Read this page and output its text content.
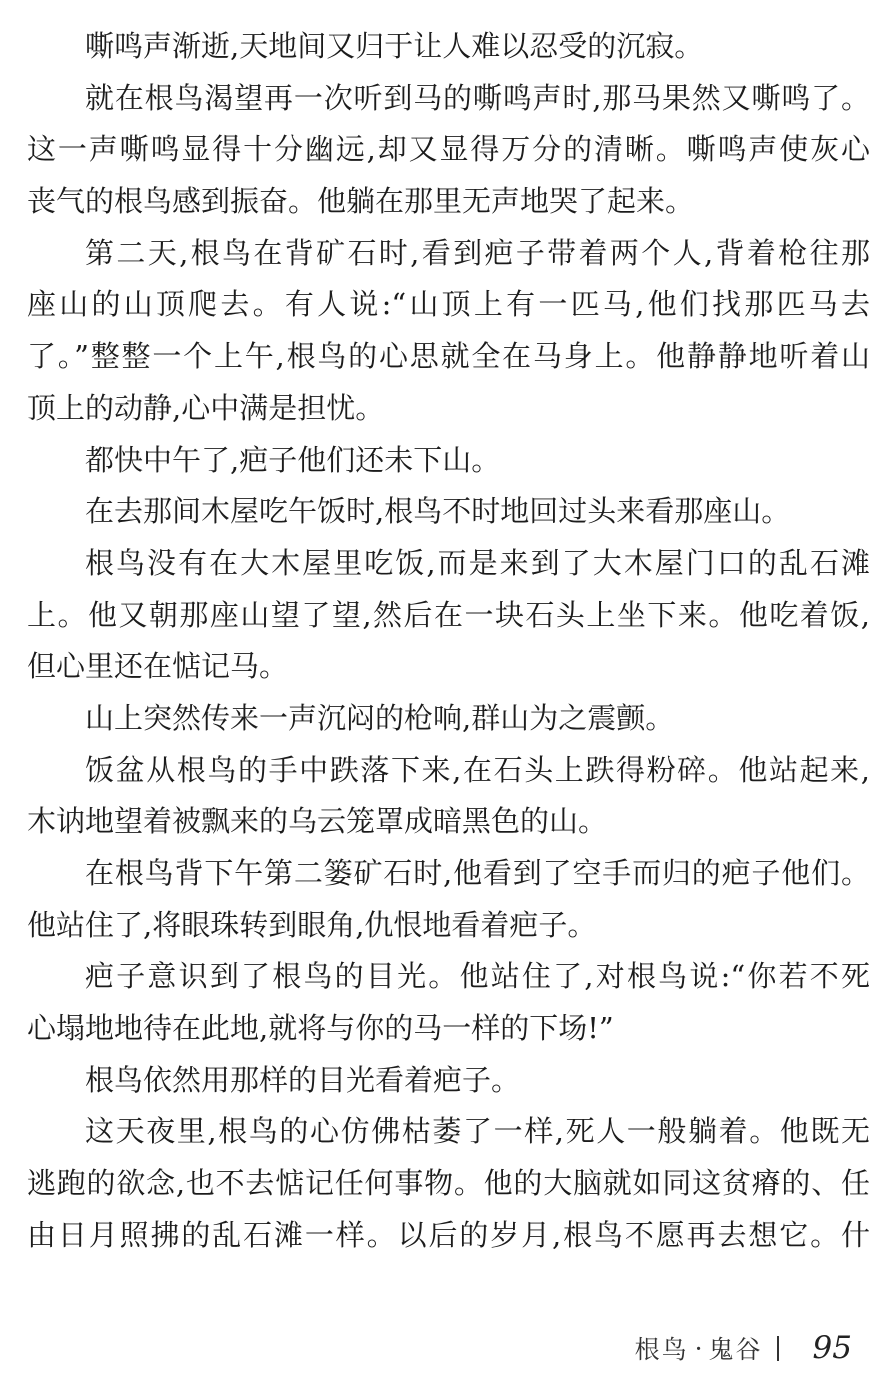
嘶鸣声渐逝,天地间又归于让人难以忍受的沉寂。
就在根鸟渴望再一次听到马的嘶鸣声时,那马果然又嘶鸣了。
这一声嘶鸣显得十分幽远,却又显得万分的清晰。嘶鸣声使灰心
丧气的根鸟感到振奋。他躺在那里无声地哭了起来。
第二天,根鸟在背矿石时,看到疤子带着两个人,背着枪往那
座山的山顶爬去。有人说:“山顶上有一匹马,他们找那匹马去
了。”整整一个上午,根鸟的心思就全在马身上。他静静地听着山
顶上的动静,心中满是担忧。
都快中午了,疤子他们还未下山。
在去那间木屋吃午饭时,根鸟不时地回过头来看那座山。
根鸟没有在大木屋里吃饭,而是来到了大木屋门口的乱石滩
上。他又朝那座山望了望,然后在一块石头上坐下来。他吃着饭,
但心里还在惦记马。
山上突然传来一声沉闷的枪响,群山为之震颤。
饭盆从根鸟的手中跌落下来,在石头上跌得粉碎。他站起来,
木讷地望着被飘来的乌云笼罩成暗黑色的山。
在根鸟背下午第二篓矿石时,他看到了空手而归的疤子他们。
他站住了,将眼珠转到眼角,仇恨地看着疤子。
疤子意识到了根鸟的目光。他站住了,对根鸟说:“你若不死
心塌地地待在此地,就将与你的马一样的下场!”
根鸟依然用那样的目光看着疤子。
这天夜里,根鸟的心仿佛枯萎了一样,死人一般躺着。他既无
逃跑的欲念,也不去惦记任何事物。他的大脑就如同这贫瘠的、任
由日月照拂的乱石滩一样。以后的岁月,根鸟不愿再去想它。什
根鸟 · 鬼谷 95
